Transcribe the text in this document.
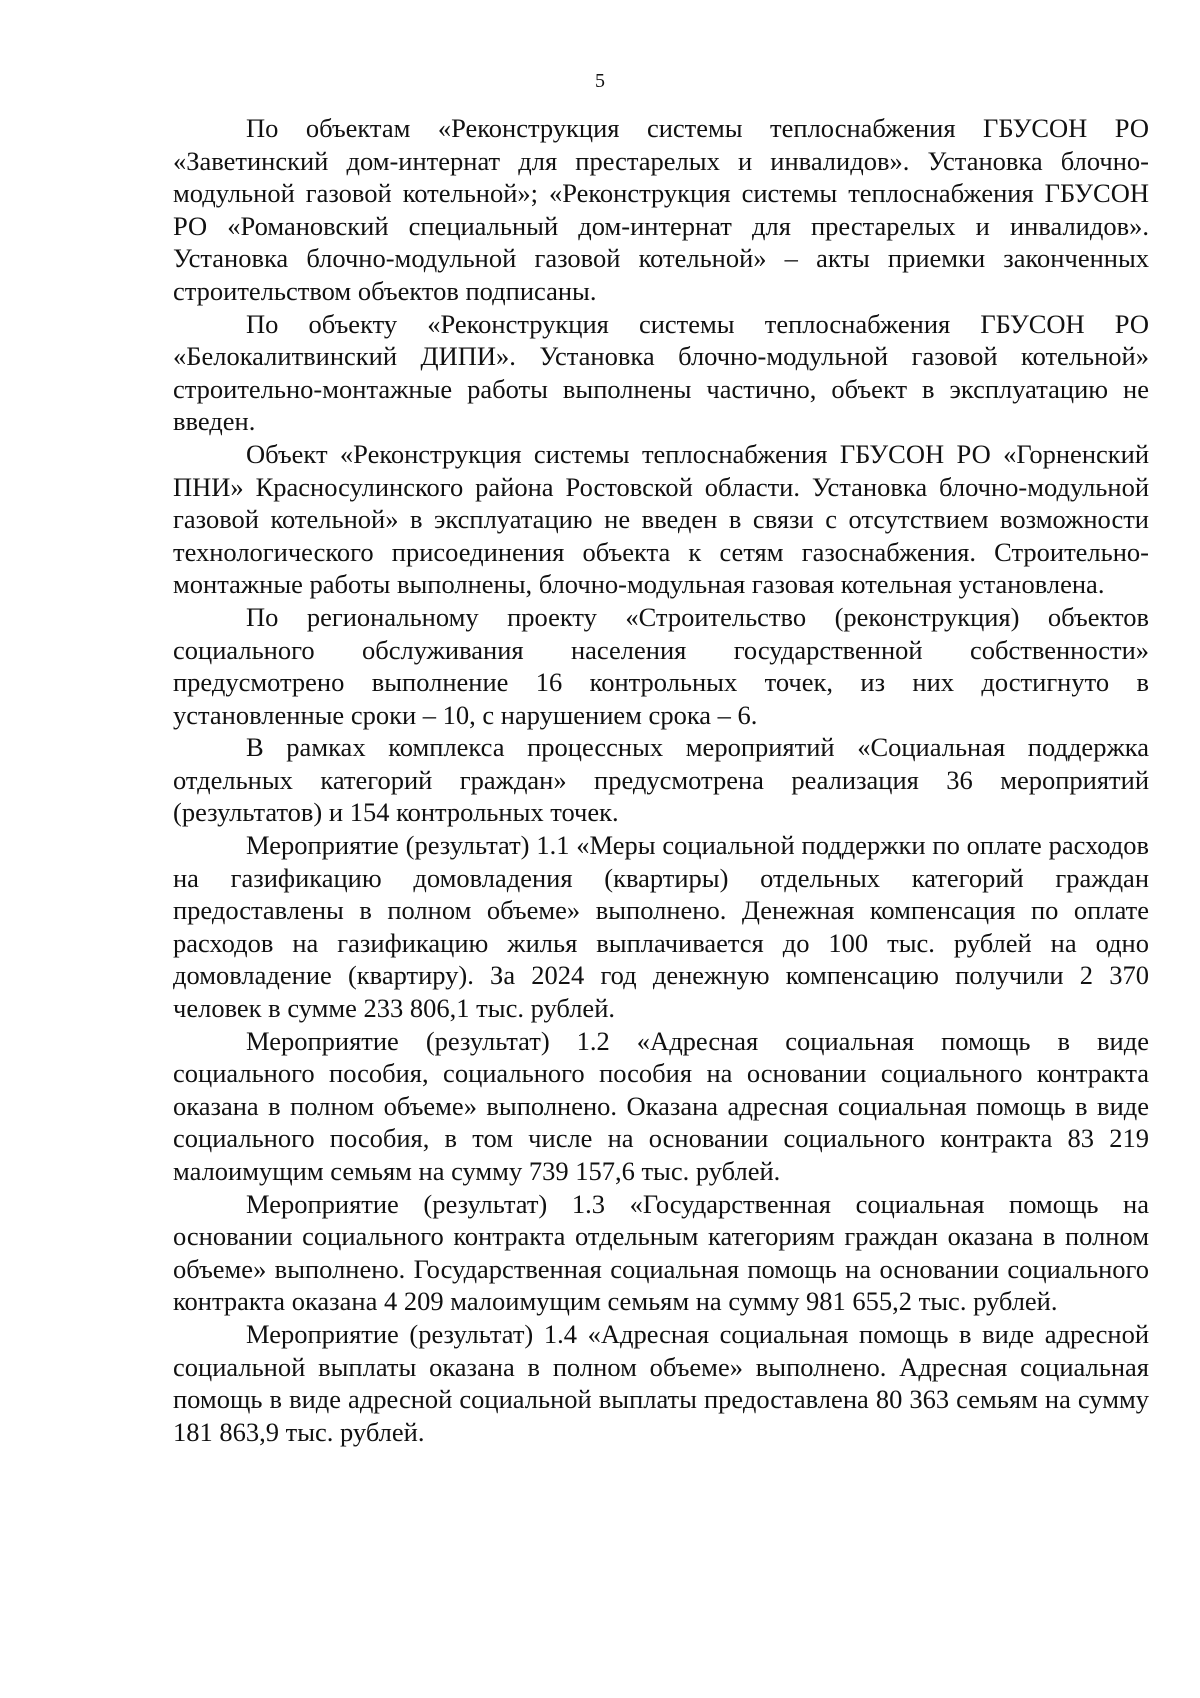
5

По объектам «Реконструкция системы теплоснабжения ГБУСОН РО «Заветинский дом-интернат для престарелых и инвалидов». Установка блочно-модульной газовой котельной»; «Реконструкция системы теплоснабжения ГБУСОН РО «Романовский специальный дом-интернат для престарелых и инвалидов». Установка блочно-модульной газовой котельной» – акты приемки законченных строительством объектов подписаны.

По объекту «Реконструкция системы теплоснабжения ГБУСОН РО «Белокалитвинский ДИПИ». Установка блочно-модульной газовой котельной» строительно-монтажные работы выполнены частично, объект в эксплуатацию не введен.

Объект «Реконструкция системы теплоснабжения ГБУСОН РО «Горненский ПНИ» Красносулинского района Ростовской области. Установка блочно-модульной газовой котельной» в эксплуатацию не введен в связи с отсутствием возможности технологического присоединения объекта к сетям газоснабжения. Строительно-монтажные работы выполнены, блочно-модульная газовая котельная установлена.

По региональному проекту «Строительство (реконструкция) объектов социального обслуживания населения государственной собственности» предусмотрено выполнение 16 контрольных точек, из них достигнуто в установленные сроки – 10, с нарушением срока – 6.

В рамках комплекса процессных мероприятий «Социальная поддержка отдельных категорий граждан» предусмотрена реализация 36 мероприятий (результатов) и 154 контрольных точек.

Мероприятие (результат) 1.1 «Меры социальной поддержки по оплате расходов на газификацию домовладения (квартиры) отдельных категорий граждан предоставлены в полном объеме» выполнено. Денежная компенсация по оплате расходов на газификацию жилья выплачивается до 100 тыс. рублей на одно домовладение (квартиру). За 2024 год денежную компенсацию получили 2 370 человек в сумме 233 806,1 тыс. рублей.

Мероприятие (результат) 1.2 «Адресная социальная помощь в виде социального пособия, социального пособия на основании социального контракта оказана в полном объеме» выполнено. Оказана адресная социальная помощь в виде социального пособия, в том числе на основании социального контракта 83 219 малоимущим семьям на сумму 739 157,6 тыс. рублей.

Мероприятие (результат) 1.3 «Государственная социальная помощь на основании социального контракта отдельным категориям граждан оказана в полном объеме» выполнено. Государственная социальная помощь на основании социального контракта оказана 4 209 малоимущим семьям на сумму 981 655,2 тыс. рублей.

Мероприятие (результат) 1.4 «Адресная социальная помощь в виде адресной социальной выплаты оказана в полном объеме» выполнено. Адресная социальная помощь в виде адресной социальной выплаты предоставлена 80 363 семьям на сумму 181 863,9 тыс. рублей.
